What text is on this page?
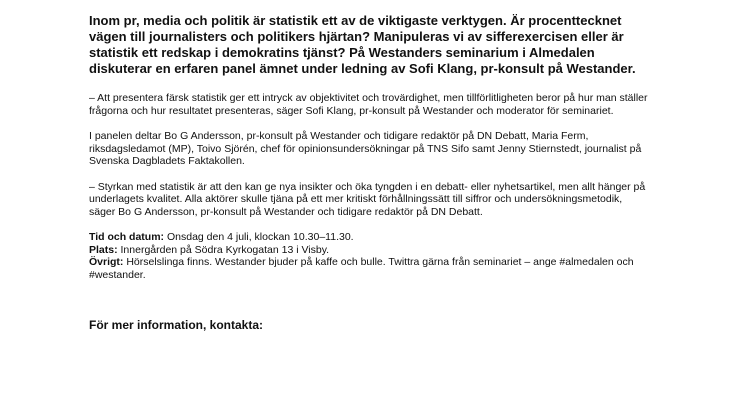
Inom pr, media och politik är statistik ett av de viktigaste verktygen. Är procenttecknet vägen till journalisters och politikers hjärtan? Manipuleras vi av sifferexercisen eller är statistik ett redskap i demokratins tjänst? På Westanders seminarium i Almedalen diskuterar en erfaren panel ämnet under ledning av Sofi Klang, pr-konsult på Westander.

– Att presentera färsk statistik ger ett intryck av objektivitet och trovärdighet, men tillförlitligheten beror på hur man ställer frågorna och hur resultatet presenteras, säger Sofi Klang, pr-konsult på Westander och moderator för seminariet.

I panelen deltar Bo G Andersson, pr-konsult på Westander och tidigare redaktör på DN Debatt, Maria Ferm, riksdagsledamot (MP), Toivo Sjörén, chef för opinionsundersökningar på TNS Sifo samt Jenny Stiernstedt, journalist på Svenska Dagbladets Faktakollen.

– Styrkan med statistik är att den kan ge nya insikter och öka tyngden i en debatt- eller nyhetsartikel, men allt hänger på underlagets kvalitet. Alla aktörer skulle tjäna på ett mer kritiskt förhållningssätt till siffror och undersökningsmetodik, säger Bo G Andersson, pr-konsult på Westander och tidigare redaktör på DN Debatt.

Tid och datum: Onsdag den 4 juli, klockan 10.30–11.30.
Plats: Innergården på Södra Kyrkogatan 13 i Visby.
Övrigt: Hörselslinga finns. Westander bjuder på kaffe och bulle. Twittra gärna från seminariet – ange #almedalen och #westander.

För mer information, kontakta:
